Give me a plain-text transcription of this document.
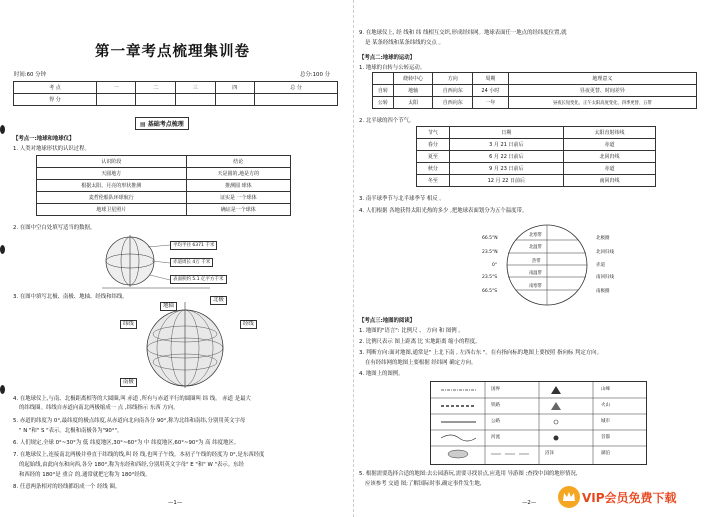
第一章考点梳理集训卷
时间:60 分钟	总分:100 分
考 点	一	二	三	四	总 分
得 分					
▤ 基础考点梳理
【考点一:地球和地球仪】
1. 人类对地球形状的认识过程。
认识阶段	结论
天圆地方	天是圆的,地是方的
根据太阳、月亮的形状推测	推测圆 球体
麦哲伦船队环球航行	证实是 一个球体
地球卫星照片	确证是一个球体
2. 在图中空白处填写适当的数据。
平均半径 6371 千米
赤道周长 4万 千米
表面积约 5.1 亿平方千米
3. 在图中填写北极、南极、地轴、经线和纬线。
地轴
北极
纬线	经线
南极
4. 在地球仪上,与南、北极距离相等的大圆圈,叫 赤道 ,所有与赤道平行的圆圈叫 纬 线。 赤道 是最大
的纬线圈。纬线自赤道向南北两极缩成一 点 ,纬线指示 东西 方向。
5. 赤道的纬度为 0°,最纬度的极点纬度,从赤道向北向南各分 90°,称为北纬和南纬,分别用英文字母
" N "和" S "表示。北极和南极各为"90°"。
6. 人们规定,全球 0°~30°为 低 纬度地区,30°~60°为 中 纬度地区,60°~90°为 高 纬度地区。
7. 在地球仪上,连接南北两极并垂直于纬线的线,叫 经 线,也叫子午线。本初子午线的经度为 0°,是东西经度
的起始线,由此向东和向西,各分 180°,称为东经和西经,分别用英文字母" E "和" W "表示。东经
和西经的 180°是 重合 的,通常就把它称为 180°经线。
8. 任意两条相对的经线都组成一个 经线 圈。
—1—
9. 在地球仪上, 经 线和 纬 线相互交织,形成经纬网。地球表面任一地点的经纬度位置,就
是 某条经线和某条纬线的交点 。
【考点二:地球的运动】
1. 地球的自转与公转运动。
	绕转中心	方向	周期	地理意义
自转	地轴	自西向东	24 小时	昼夜更替、时间差异
公转	太阳	自西向东	一年	昼夜长短变化、正午太阳高度变化、四季更替、五带
2. 北半球的四个节气。
节气	日期	太阳直射纬线
春分	3 月 21 日前后	赤道
夏至	6 月 22 日前后	北回归线
秋分	9 月 23 日前后	赤道
冬至	12 月 22 日前后	南回归线
3. 南半球季节与北半球季节 相反 。
4. 人们根据 各地获得太阳光热的多少 ,把地球表面划分为五个温度带。
66.5°N
23.5°N
0°
23.5°S
66.5°S
北寒带
北温带
热带
南温带
南寒带
北极圈
北回归线
赤道
南回归线
南极圈
【考点三:地图的阅读】
1. 地图的"语言": 比例尺 、 方向 和 图例 。
2. 比例尺表示 图上距离 比 实地距离 缩小的程度。
3. 判断方向:面对地图,通常是" 上北下南 , 左西右东 "。在有指向标的地图上要按照 指向标 判定方向。
在有经纬网的地图上要根据 经纬网 确定方向。
4. 地图上的图例。
山峰
火山
城市
首都
国界
铁路
公路
河流
湖泊
沼泽
5. 根据需要选择合适的地图:去公园游玩,需要寻找景点,应选用 导游图 ;查找中国的地形情况,
应该参考 交通 图;了解国际时事,确定事件发生地,
—2—	VIP会员免费下载
